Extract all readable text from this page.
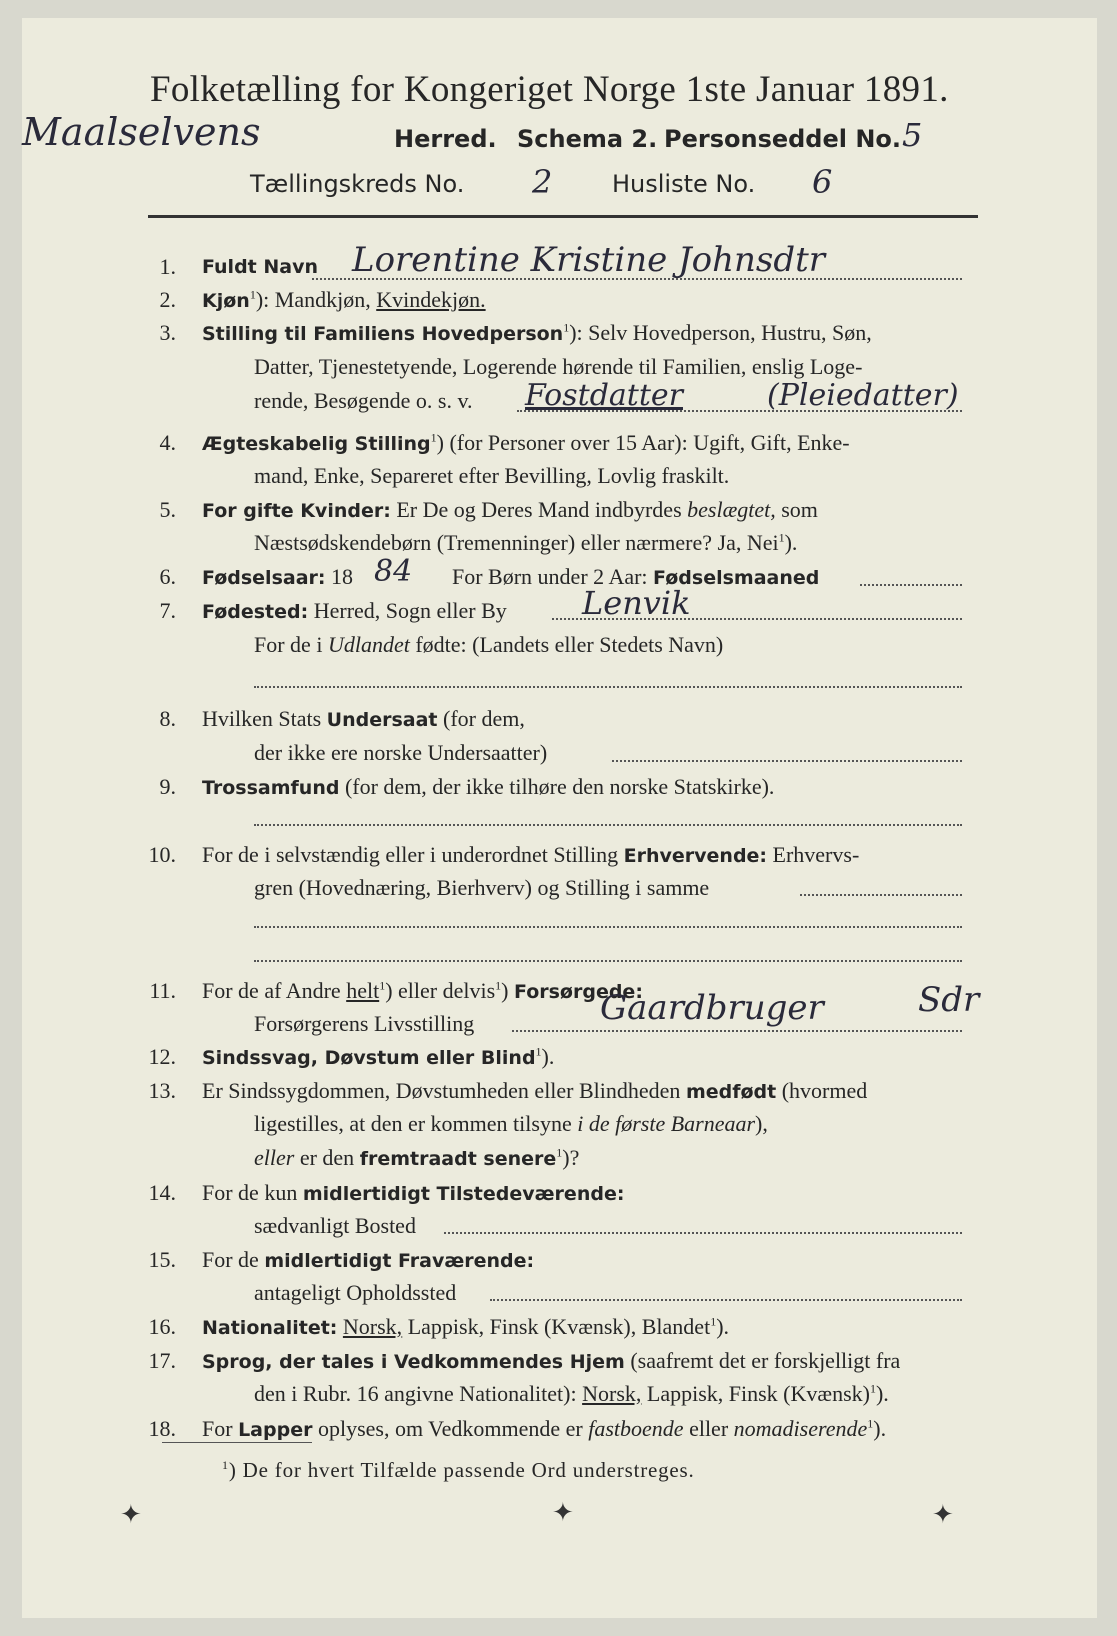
Folketælling for Kongeriget Norge 1ste Januar 1891.
Maalselvens	Herred. Schema 2. Personseddel No. 5
Tællingskreds No. 2 Husliste No. 6
1. Fuldt Navn Lorentine Kristine Johnsdtr
2. Kjøn$^1$): Mandkjøn, Kvindekjøn.
3. Stilling til Familiens Hovedperson$^1$): Selv Hovedperson, Hustru, Søn,
Datter, Tjenestetyende, Logerende hørende til Familien, enslig Loge-
rende, Besøgende o. s. v. Fostdatter	(Pleiedatter)
4. Ægteskabelig Stilling$^1$) (for Personer over 15 Aar): Ugift, Gift, Enke-
mand, Enke, Separeret efter Bevilling, Lovlig fraskilt.
5. For gifte Kvinder: Er De og Deres Mand indbyrdes beslægtet, som
Næstsødskendebørn (Tremenninger) eller nærmere? Ja, Nei$^1$).
6. Fødselsaar: 18 84 For Børn under 2 Aar: Fødselsmaaned
7. Fødested: Herred, Sogn eller By Lenvik
For de i Udlandet fødte: (Landets eller Stedets Navn)
8. Hvilken Stats Undersaat (for dem,
der ikke ere norske Undersaatter)
9. Trossamfund (for dem, der ikke tilhøre den norske Statskirke).
10. For de i selvstændig eller i underordnet Stilling Erhvervende: Erhvervs-
gren (Hovednæring, Bierhverv) og Stilling i samme
11. For de af Andre helt$^1$) eller delvis$^1$) Forsørgede:
Forsørgerens Livsstilling	Gaardbruger	Sdr
12. Sindssvag, Døvstum eller Blind$^1$).
13. Er Sindssygdommen, Døvstumheden eller Blindheden medfødt (hvormed
ligestilles, at den er kommen tilsyne i de første Barneaar),
eller er den fremtraadt senere$^1$)?
14. For de kun midlertidigt Tilstedeværende:
sædvanligt Bosted
15. For de midlertidigt Fraværende:
antageligt Opholdssted
16. Nationalitet: Norsk, Lappisk, Finsk (Kvænsk), Blandet$^1$).
17. Sprog, der tales i Vedkommendes Hjem (saafremt det er forskjelligt fra
den i Rubr. 16 angivne Nationalitet): Norsk, Lappisk, Finsk (Kvænsk)$^1$).
18. For Lapper oplyses, om Vedkommende er fastboende eller nomadiserende$^1$).
$^1$) De for hvert Tilfælde passende Ord understreges.
✦	✦	✦
